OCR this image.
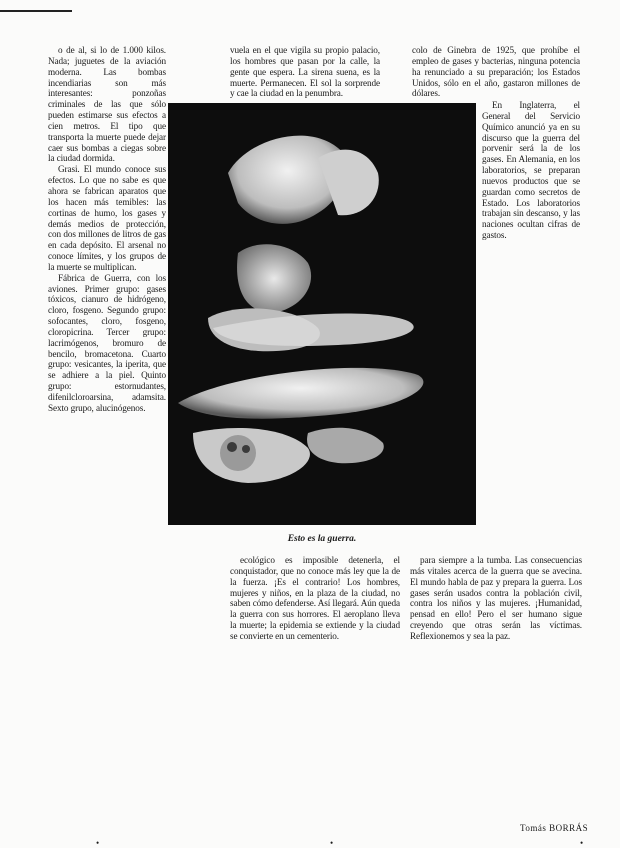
o de al, si lo de 1.000 kilos. Nada; juguetes de la aviación moderna. Las bombas incendiarias son más interesantes: ponzoñas criminales de las que sólo pueden estimarse sus efectos a cien metros. El tipo que transporta la muerte puede dejar caer sus bombas a ciegas sobre la ciudad dormida.

Grasi. El mundo conoce sus efectos. Lo que no sabe es que ahora se fabrican aparatos que los hacen más temibles: las cortinas de humo, los gases y demás medios de protección, con dos millones de litros de gas en cada depósito. El arsenal no conoce límites, y los grupos de la muerte se multiplican.

Fábrica de Guerra, con los aviones. Primer grupo: gases tóxicos, cianuro de hidrógeno, cloro, fosgeno. Segundo grupo: sofocantes, cloro, fosgeno, cloropicrina. Tercer grupo: lacrimógenos, bromuro de bencilo, bromacetona. Cuarto grupo: vesicantes, la iperita, que se adhiere a la piel. Quinto grupo: estornudantes, difenilcloroarsina, adamsita. Sexto grupo, alucinógenos.

vuela en el que vigila su propio palacio, los hombres que pasan por la calle, la gente que espera. La sirena suena, es la muerte. Permanecen. El sol la sorprende y cae la ciudad en la penumbra.

colo de Ginebra de 1925, que prohíbe el empleo de gases y bacterias, ninguna potencia ha renunciado a su preparación; los Estados Unidos, sólo en el año, gastaron millones de dólares.

En Inglaterra, el General del Servicio Químico anunció ya en su discurso que la guerra del porvenir será la de los gases. En Alemania, en los laboratorios, se preparan nuevos productos que se guardan como secretos de Estado. Los laboratorios trabajan sin descanso, y las naciones ocultan cifras de gastos.

Esto es la guerra.

ecológico es imposible detenerla, el conquistador, que no conoce más ley que la de la fuerza. ¡Es el contrario! Los hombres, mujeres y niños, en la plaza de la ciudad, no saben cómo defenderse. Así llegará. Aún queda la guerra con sus horrores. El aeroplano lleva la muerte; la epidemia se extiende y la ciudad se convierte en un cementerio.

para siempre a la tumba. Las consecuencias más vitales acerca de la guerra que se avecina. El mundo habla de paz y prepara la guerra. Los gases serán usados contra la población civil, contra los niños y las mujeres. ¡Humanidad, pensad en ello! Pero el ser humano sigue creyendo que otras serán las víctimas. Reflexionemos y sea la paz.

Tomás BORRÁS
•	•	•
